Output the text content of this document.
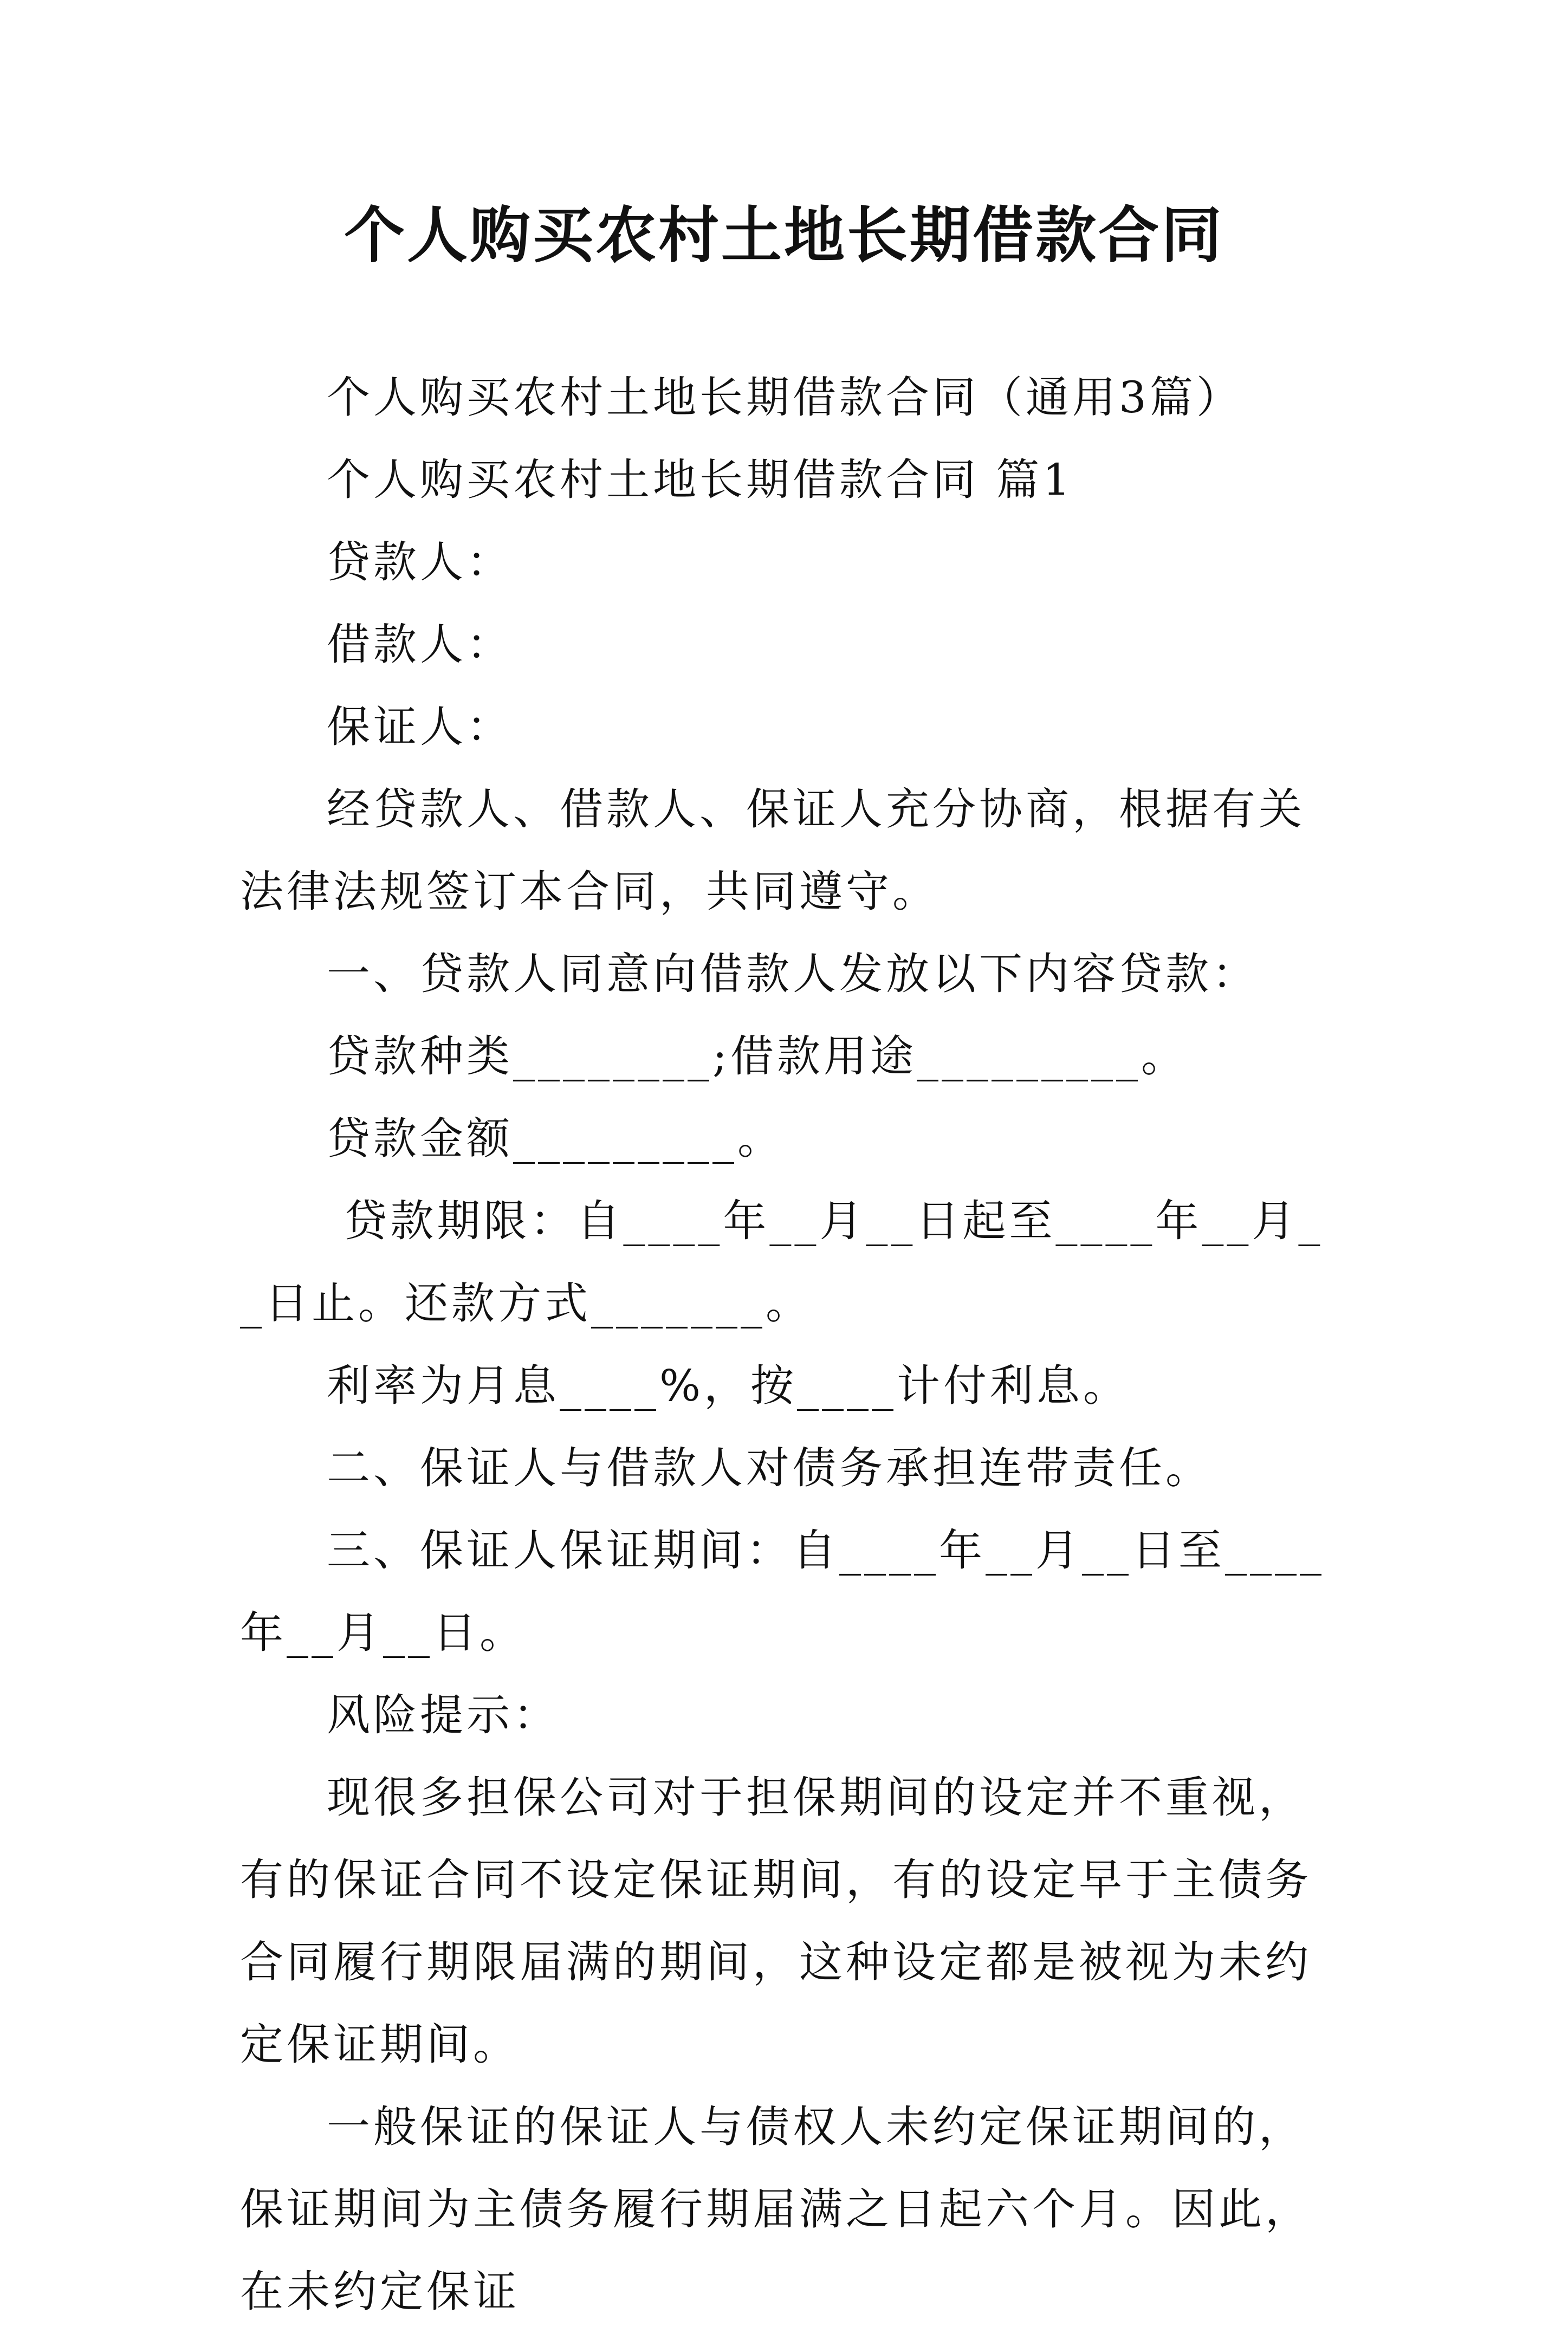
个人购买农村土地长期借款合同

个人购买农村土地长期借款合同（通用3篇）

个人购买农村土地长期借款合同 篇1

贷款人：

借款人：

保证人：

经贷款人、借款人、保证人充分协商，根据有关法律法规签订本合同，共同遵守。

一、贷款人同意向借款人发放以下内容贷款：

贷款种类________;借款用途_________。

贷款金额_________。

贷款期限：自____年__月__日起至____年__月__日止。还款方式_______。

利率为月息____%，按____计付利息。

二、保证人与借款人对债务承担连带责任。

三、保证人保证期间：自____年__月__日至____年__月__日。

风险提示：

现很多担保公司对于担保期间的设定并不重视，有的保证合同不设定保证期间，有的设定早于主债务合同履行期限届满的期间，这种设定都是被视为未约定保证期间。

一般保证的保证人与债权人未约定保证期间的，保证期间为主债务履行期届满之日起六个月。因此，在未约定保证
